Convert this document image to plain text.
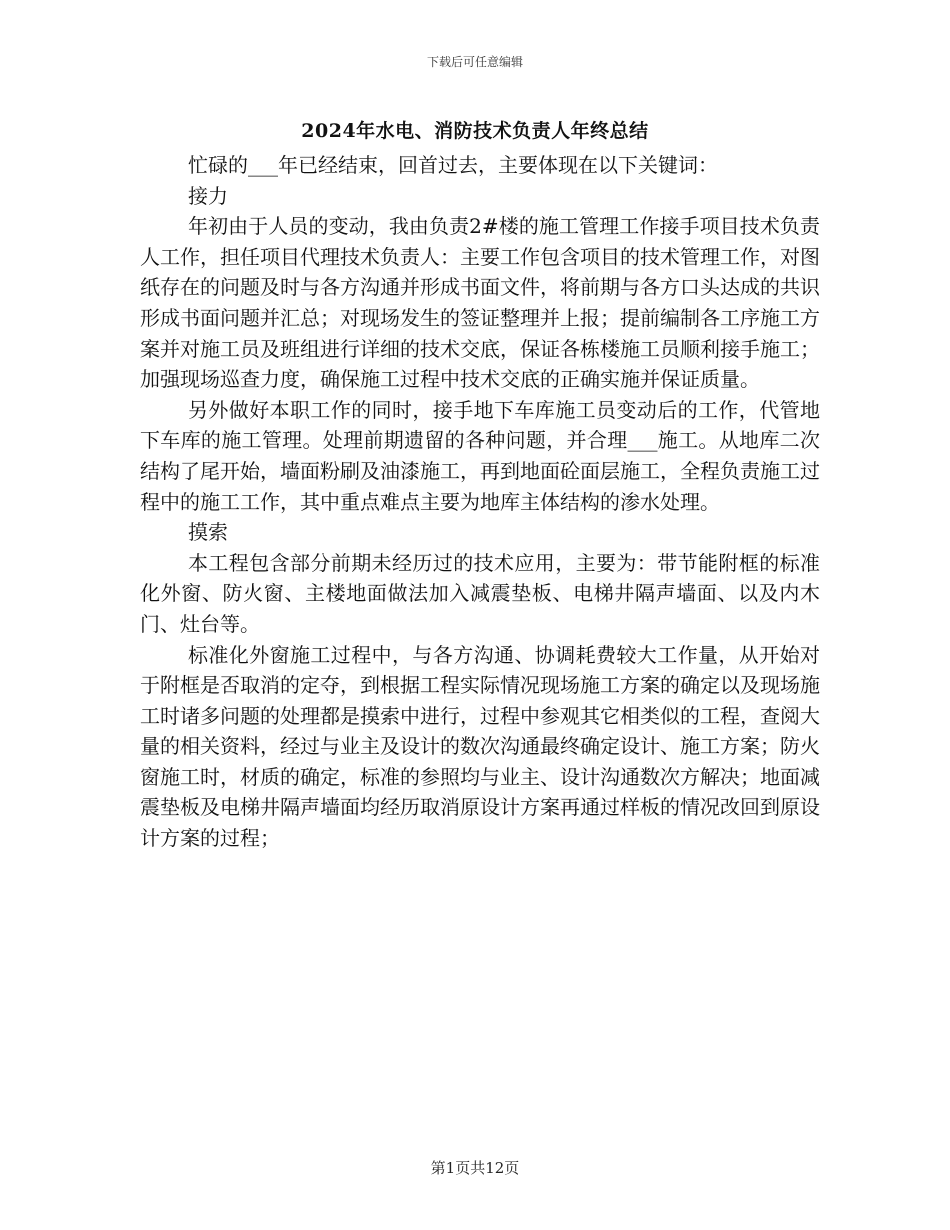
下载后可任意编辑
2024年水电、消防技术负责人年终总结

忙碌的___年已经结束，回首过去，主要体现在以下关键词：

接力

年初由于人员的变动，我由负责2#楼的施工管理工作接手项目技术负责人工作，担任项目代理技术负责人：主要工作包含项目的技术管理工作，对图纸存在的问题及时与各方沟通并形成书面文件，将前期与各方口头达成的共识形成书面问题并汇总；对现场发生的签证整理并上报；提前编制各工序施工方案并对施工员及班组进行详细的技术交底，保证各栋楼施工员顺利接手施工；加强现场巡查力度，确保施工过程中技术交底的正确实施并保证质量。

另外做好本职工作的同时，接手地下车库施工员变动后的工作，代管地下车库的施工管理。处理前期遗留的各种问题，并合理___施工。从地库二次结构了尾开始，墙面粉刷及油漆施工，再到地面砼面层施工，全程负责施工过程中的施工工作，其中重点难点主要为地库主体结构的渗水处理。

摸索

本工程包含部分前期未经历过的技术应用，主要为：带节能附框的标准化外窗、防火窗、主楼地面做法加入减震垫板、电梯井隔声墙面、以及内木门、灶台等。

标准化外窗施工过程中，与各方沟通、协调耗费较大工作量，从开始对于附框是否取消的定夺，到根据工程实际情况现场施工方案的确定以及现场施工时诸多问题的处理都是摸索中进行，过程中参观其它相类似的工程，查阅大量的相关资料，经过与业主及设计的数次沟通最终确定设计、施工方案；防火窗施工时，材质的确定，标准的参照均与业主、设计沟通数次方解决；地面减震垫板及电梯井隔声墙面均经历取消原设计方案再通过样板的情况改回到原设计方案的过程；

第1页共12页
